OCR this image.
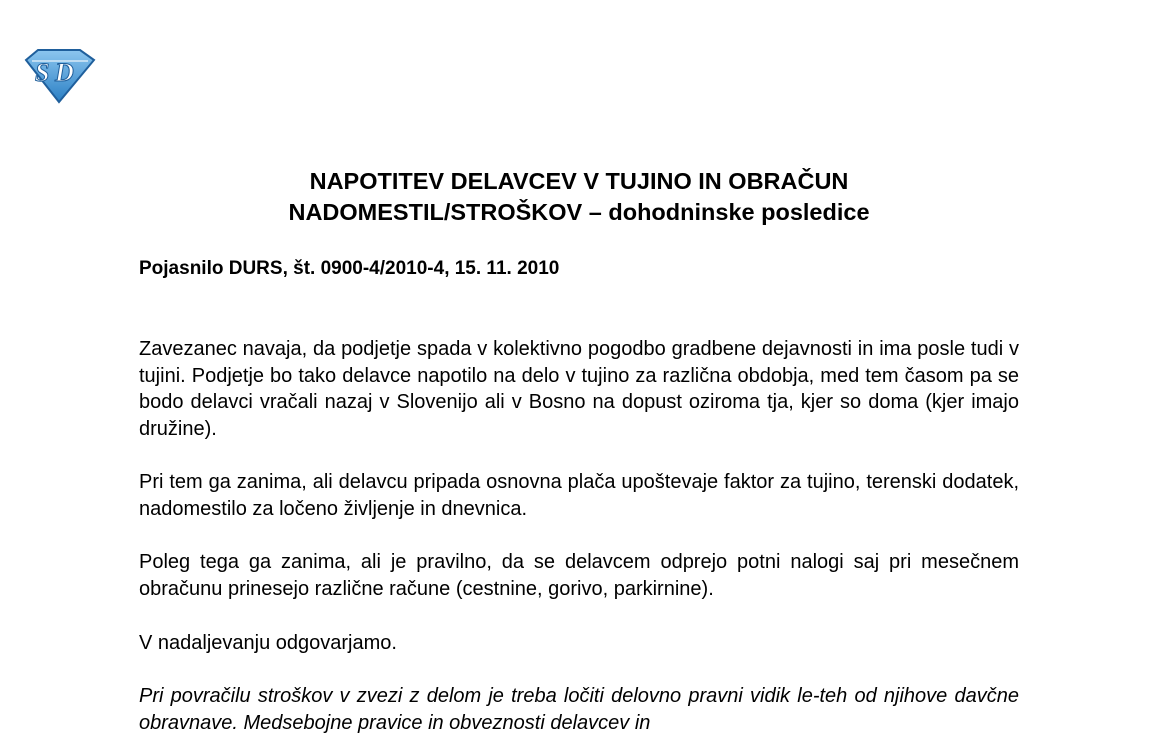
S D
NAPOTITEV DELAVCEV V TUJINO IN OBRAČUN
NADOMESTIL/STROŠKOV – dohodninske posledice

Pojasnilo DURS, št. 0900-4/2010-4, 15. 11. 2010

Zavezanec navaja, da podjetje spada v kolektivno pogodbo gradbene dejavnosti in ima posle tudi v tujini. Podjetje bo tako delavce napotilo na delo v tujino za različna obdobja, med tem časom pa se bodo delavci vračali nazaj v Slovenijo ali v Bosno na dopust oziroma tja, kjer so doma (kjer imajo družine).

Pri tem ga zanima, ali delavcu pripada osnovna plača upoštevaje faktor za tujino, terenski dodatek, nadomestilo za ločeno življenje in dnevnica.

Poleg tega ga zanima, ali je pravilno, da se delavcem odprejo potni nalogi saj pri mesečnem obračunu prinesejo različne račune (cestnine, gorivo, parkirnine).

V nadaljevanju odgovarjamo.

Pri povračilu stroškov v zvezi z delom je treba ločiti delovno pravni vidik le-teh od njihove davčne obravnave. Medsebojne pravice in obveznosti delavcev in
